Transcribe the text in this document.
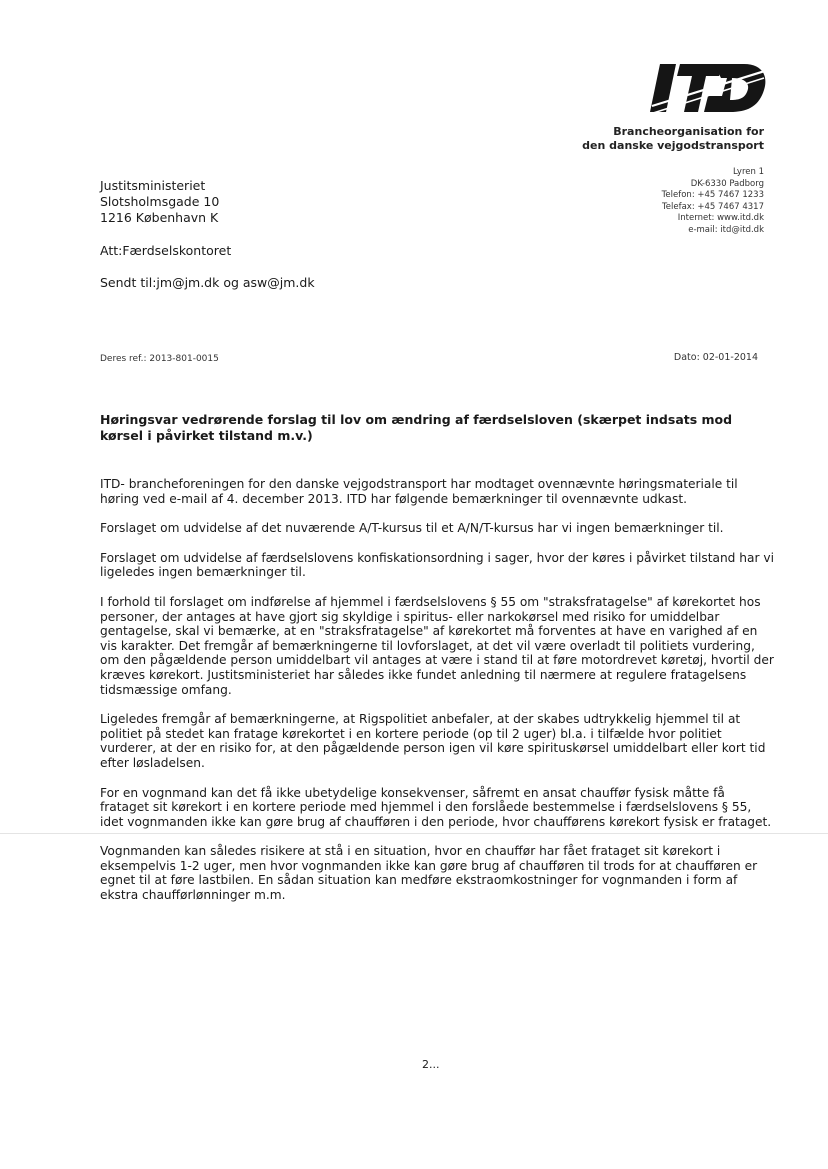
Brancheorganisation for
den danske vejgodstransport
Lyren 1
DK-6330 Padborg
Telefon: +45 7467 1233
Telefax: +45 7467 4317
Internet: www.itd.dk
e-mail: itd@itd.dk
Justitsministeriet
Slotsholmsgade 10
1216 København K
Att:Færdselskontoret
Sendt til:jm@jm.dk og asw@jm.dk
Deres ref.: 2013-801-0015	Dato: 02-01-2014
Høringsvar vedrørende forslag til lov om ændring af færdselsloven (skærpet indsats mod kørsel i påvirket tilstand m.v.)

ITD- brancheforeningen for den danske vejgodstransport har modtaget ovennævnte høringsmateriale til høring ved e-mail af 4. december 2013. ITD har følgende bemærkninger til ovennævnte udkast.

Forslaget om udvidelse af det nuværende A/T-kursus til et A/N/T-kursus har vi ingen bemærkninger til.

Forslaget om udvidelse af færdselslovens konfiskationsordning i sager, hvor der køres i påvirket tilstand har vi ligeledes ingen bemærkninger til.

I forhold til forslaget om indførelse af hjemmel i færdselslovens § 55 om "straksfratagelse" af kørekortet hos personer, der antages at have gjort sig skyldige i spiritus- eller narkokørsel med risiko for umiddelbar gentagelse, skal vi bemærke, at en "straksfratagelse" af kørekortet må forventes at have en varighed af en vis karakter. Det fremgår af bemærkningerne til lovforslaget, at det vil være overladt til politiets vurdering, om den pågældende person umiddelbart vil antages at være i stand til at føre motordrevet køretøj, hvortil der kræves kørekort. Justitsministeriet har således ikke fundet anledning til nærmere at regulere fratagelsens tidsmæssige omfang.

Ligeledes fremgår af bemærkningerne, at Rigspolitiet anbefaler, at der skabes udtrykkelig hjemmel til at politiet på stedet kan fratage kørekortet i en kortere periode (op til 2 uger) bl.a. i tilfælde hvor politiet vurderer, at der en risiko for, at den pågældende person igen vil køre spirituskørsel umiddelbart eller kort tid efter løsladelsen.

For en vognmand kan det få ikke ubetydelige konsekvenser, såfremt en ansat chauffør fysisk måtte få frataget sit kørekort i en kortere periode med hjemmel i den forslåede bestemmelse i færdselslovens § 55, idet vognmanden ikke kan gøre brug af chaufføren i den periode, hvor chaufførens kørekort fysisk er frataget.

Vognmanden kan således risikere at stå i en situation, hvor en chauffør har fået frataget sit kørekort i eksempelvis 1-2 uger, men hvor vognmanden ikke kan gøre brug af chaufføren til trods for at chaufføren er egnet til at føre lastbilen. En sådan situation kan medføre ekstraomkostninger for vognmanden i form af ekstra chaufførlønninger m.m.

2...
